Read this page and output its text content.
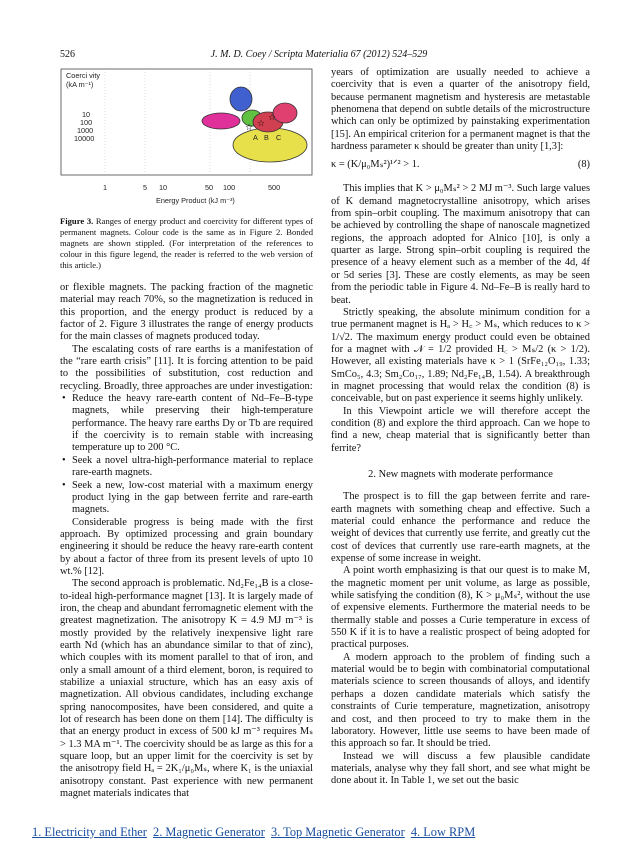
526	J. M. D. Coey / Scripta Materialia 67 (2012) 524–529
☆ ☆
☆
Coerci vity (kA m⁻¹)
10
100
1000
10000	A B C
1	5 10	50 100	500
Energy Product (kJ m⁻³)

Figure 3. Ranges of energy product and coercivity for different types of permanent magnets. Colour code is the same as in Figure 2. Bonded magnets are shown stippled. (For interpretation of the references to colour in this figure legend, the reader is referred to the web version of this article.)

or flexible magnets. The packing fraction of the magnetic material may reach 70%, so the magnetization is reduced in this proportion, and the energy product is reduced by a factor of 2. Figure 3 illustrates the range of energy products for the main classes of magnets produced today.

The escalating costs of rare earths is a manifestation of the “rare earth crisis” [11]. It is forcing attention to be paid to the possibilities of substitution, cost reduction and recycling. Broadly, three approaches are under investigation:

• Reduce the heavy rare-earth content of Nd–Fe–B-type magnets, while preserving their high-temperature performance. The heavy rare earths Dy or Tb are required if the coercivity is to remain stable with increasing temperature up to 200 °C.
• Seek a novel ultra-high-performance material to replace rare-earth magnets.
• Seek a new, low-cost material with a maximum energy product lying in the gap between ferrite and rare-earth magnets.

Considerable progress is being made with the first approach. By optimized processing and grain boundary engineering it should be reduce the heavy rare-earth content by about a factor of three from its present levels of upto 10 wt.% [12].

The second approach is problematic. Nd₂Fe₁₄B is a close-to-ideal high-performance magnet [13]. It is largely made of iron, the cheap and abundant ferromagnetic element with the greatest magnetization. The anisotropy K = 4.9 MJ m⁻³ is mostly provided by the relatively inexpensive light rare earth Nd (which has an abundance similar to that of zinc), which couples with its moment parallel to that of iron, and only a small amount of a third element, boron, is required to stabilize a uniaxial structure, which has an easy axis of magnetization. All obvious candidates, including exchange spring nanocomposites, have been considered, and quite a lot of research has been done on them [14]. The difficulty is that an energy product in excess of 500 kJ m⁻³ requires Mₛ > 1.3 MA m⁻¹. The coercivity should be as large as this for a square loop, but an upper limit for the coercivity is set by the anisotropy field Hₐ = 2K₁/μ₀Mₛ, where K₁ is the uniaxial anisotropy constant. Past experience with new permanent magnet materials indicates that

years of optimization are usually needed to achieve a coercivity that is even a quarter of the anisotropy field, because permanent magnetism and hysteresis are metastable phenomena that depend on subtle details of the microstructure which can only be optimized by painstaking experimentation [15]. An empirical criterion for a permanent magnet is that the hardness parameter κ should be greater than unity [1,3]:

κ = (K/μ₀Mₛ²)¹ᐟ² > 1.	(8)

This implies that K > μ₀Mₛ² > 2 MJ m⁻³. Such large values of K demand magnetocrystalline anisotropy, which arises from spin–orbit coupling. The maximum anisotropy that can be achieved by controlling the shape of nanoscale magnetized regions, the approach adopted for Alnico [10], is only a quarter as large. Strong spin–orbit coupling is required the presence of a heavy element such as a member of the 4d, 4f or 5d series [3]. These are costly elements, as may be seen from the periodic table in Figure 4. Nd–Fe–B is really hard to beat.

Strictly speaking, the absolute minimum condition for a true permanent magnet is Hₐ > H꜀ > Mₛ, which reduces to κ > 1/√2. The maximum energy product could even be obtained for a magnet with 𝒩 = 1/2 provided H꜀ > Mₛ/2 (κ > 1/2). However, all existing materials have κ > 1 (SrFe₁₂O₁₉, 1.33; SmCo₅, 4.3; Sm₂Co₁₇, 1.89; Nd₂Fe₁₄B, 1.54). A breakthrough in magnet processing that would relax the condition (8) is conceivable, but on past experience it seems highly unlikely.

In this Viewpoint article we will therefore accept the condition (8) and explore the third approach. Can we hope to find a new, cheap material that is significantly better than ferrite?

2. New magnets with moderate performance

The prospect is to fill the gap between ferrite and rare-earth magnets with something cheap and effective. Such a material could enhance the performance and reduce the weight of devices that currently use ferrite, and greatly cut the cost of devices that currently use rare-earth magnets, at the expense of some increase in weight.

A point worth emphasizing is that our quest is to make M, the magnetic moment per unit volume, as large as possible, while satisfying the condition (8), K > μ₀Mₛ², without the use of expensive elements. Furthermore the material needs to be thermally stable and posses a Curie temperature in excess of 550 K if it is to have a realistic prospect of being adopted for practical purposes.

A modern approach to the problem of finding such a material would be to begin with combinatorial computational materials science to screen thousands of alloys, and identify perhaps a dozen candidate materials which satisfy the constraints of Curie temperature, magnetization, anisotropy and cost, and then proceed to try to make them in the laboratory. However, little use seems to have been made of this approach so far. It should be tried.

Instead we will discuss a few plausible candidate materials, analyse why they fall short, and see what might be done about it. In Table 1, we set out the basic

1. Electricity and Ether 2. Magnetic Generator 3. Top Magnetic Generator 4. Low RPM
